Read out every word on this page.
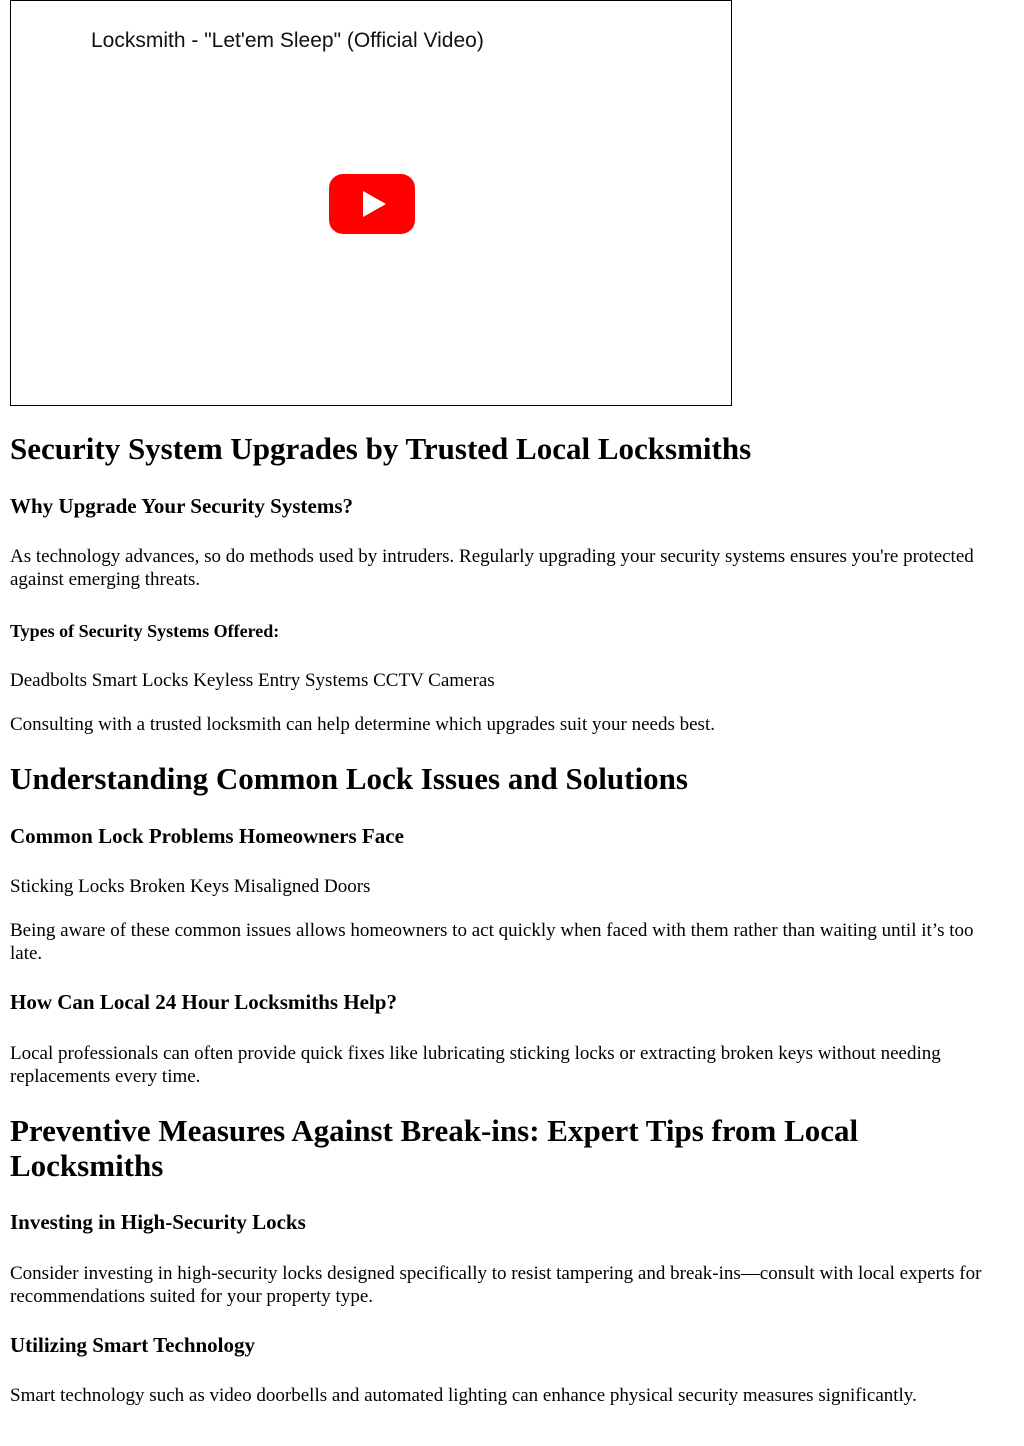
Locksmith - "Let'em Sleep" (Official Video)
Security System Upgrades by Trusted Local Locksmiths
Why Upgrade Your Security Systems?

As technology advances, so do methods used by intruders. Regularly upgrading your security systems ensures you're protected against emerging threats.

Types of Security Systems Offered:
Deadbolts Smart Locks Keyless Entry Systems CCTV Cameras

Consulting with a trusted locksmith can help determine which upgrades suit your needs best.

Understanding Common Lock Issues and Solutions
Common Lock Problems Homeowners Face
Sticking Locks Broken Keys Misaligned Doors

Being aware of these common issues allows homeowners to act quickly when faced with them rather than waiting until it’s too late.

How Can Local 24 Hour Locksmiths Help?

Local professionals can often provide quick fixes like lubricating sticking locks or extracting broken keys without needing replacements every time.

Preventive Measures Against Break-ins: Expert Tips from Local Locksmiths
Investing in High-Security Locks

Consider investing in high-security locks designed specifically to resist tampering and break-ins—consult with local experts for recommendations suited for your property type.

Utilizing Smart Technology

Smart technology such as video doorbells and automated lighting can enhance physical security measures significantly.
